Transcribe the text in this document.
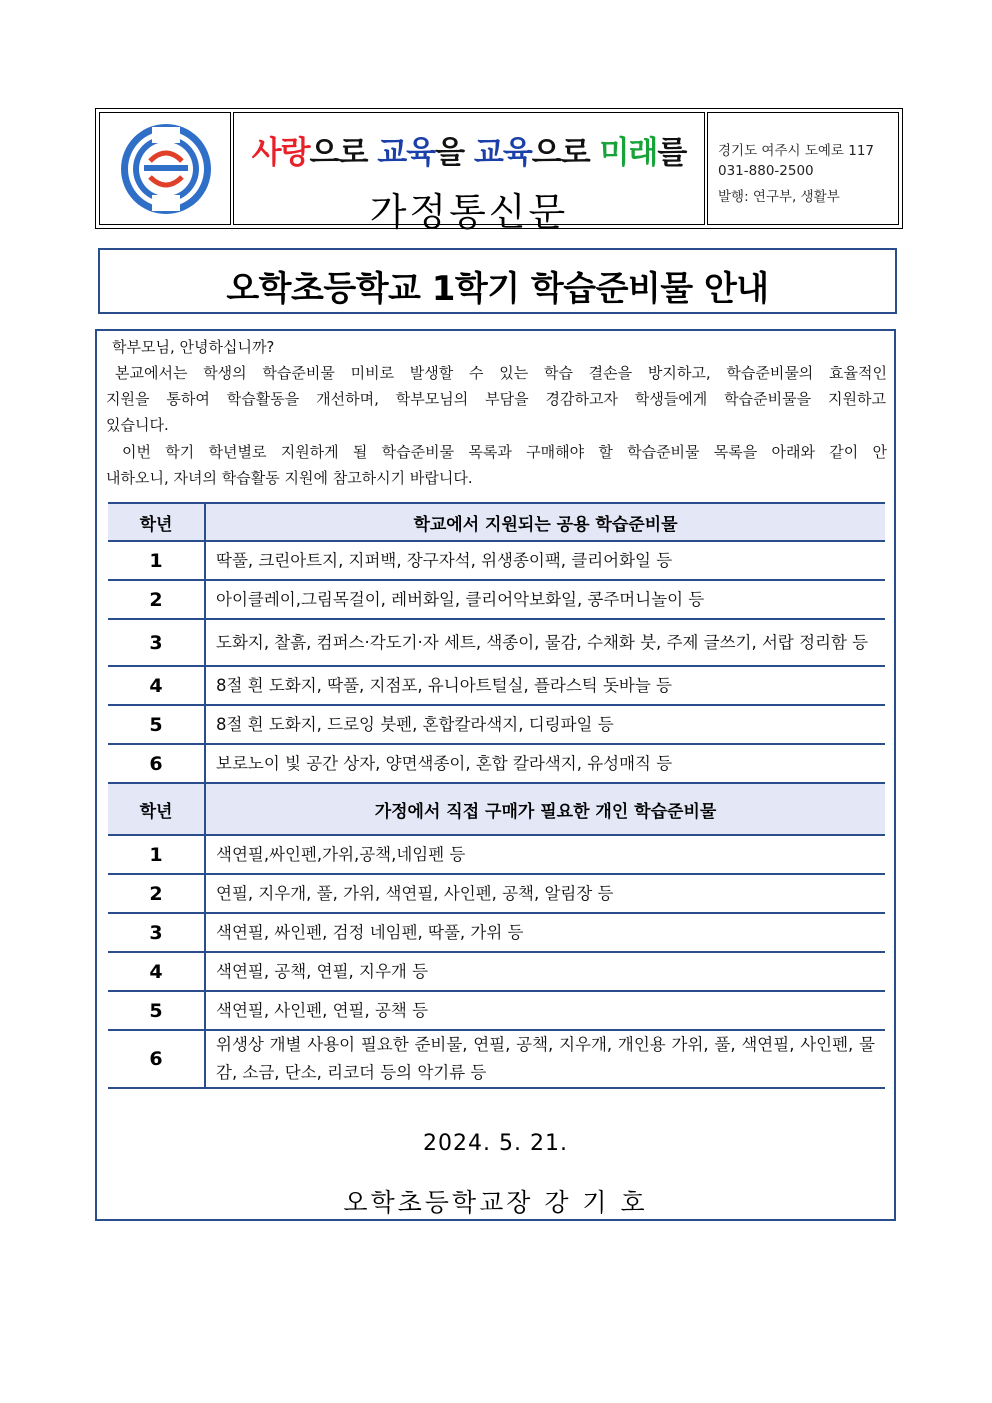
사랑으로 교육을 교육으로 미래를
가정통신문
경기도 여주시 도예로 117
031-880-2500
발행: 연구부, 생활부
오학초등학교 1학기 학습준비물 안내
학부모님, 안녕하십니까?
본교에서는 학생의 학습준비물 미비로 발생할 수 있는 학습 결손을 방지하고, 학습준비물의 효율적인
지원을 통하여 학습활동을 개선하며, 학부모님의 부담을 경감하고자 학생들에게 학습준비물을 지원하고
있습니다.
이번 학기 학년별로 지원하게 될 학습준비물 목록과 구매해야 할 학습준비물 목록을 아래와 같이 안
내하오니, 자녀의 학습활동 지원에 참고하시기 바랍니다.
학년	학교에서 지원되는 공용 학습준비물
1	딱풀, 크린아트지, 지퍼백, 장구자석, 위생종이팩, 클리어화일 등
2	아이클레이,그림목걸이, 레버화일, 클리어악보화일, 콩주머니놀이 등
3	도화지, 찰흙, 컴퍼스·각도기·자 세트, 색종이, 물감, 수채화 붓, 주제 글쓰기, 서랍 정리함 등
4	8절 흰 도화지, 딱풀, 지점포, 유니아트털실, 플라스틱 돗바늘 등
5	8절 흰 도화지, 드로잉 붓펜, 혼합칼라색지, 디링파일 등
6	보로노이 빛 공간 상자, 양면색종이, 혼합 칼라색지, 유성매직 등
학년	가정에서 직접 구매가 필요한 개인 학습준비물
1	색연필,싸인펜,가위,공책,네임펜 등
2	연필, 지우개, 풀, 가위, 색연필, 사인펜, 공책, 알림장 등
3	색연필, 싸인펜, 검정 네임펜, 딱풀, 가위 등
4	색연필, 공책, 연필, 지우개 등
5	색연필, 사인펜, 연필, 공책 등
6	위생상 개별 사용이 필요한 준비물, 연필, 공책, 지우개, 개인용 가위, 풀, 색연필, 사인펜, 물감, 소금, 단소, 리코더 등의 악기류 등
2024. 5. 21.
오학초등학교장 강 기 호
